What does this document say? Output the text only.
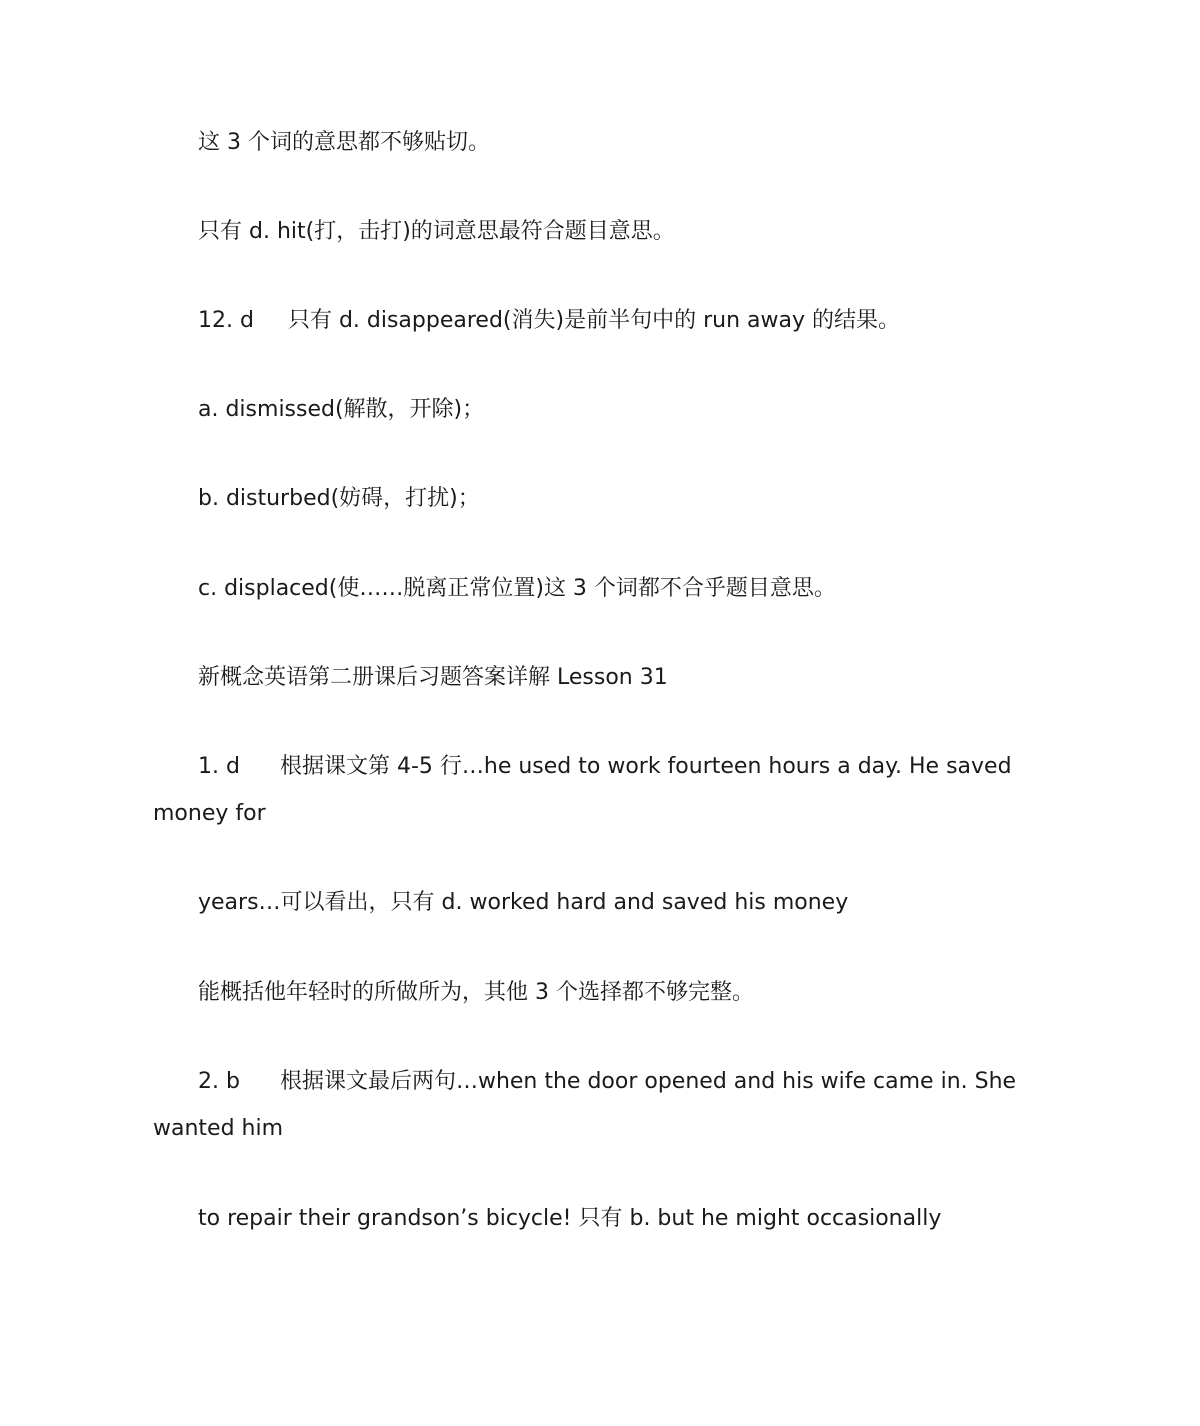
这 3 个词的意思都不够贴切。
只有 d. hit(打，击打)的词意思最符合题目意思。
12. d 只有 d. disappeared(消失)是前半句中的 run away 的结果。
a. dismissed(解散，开除)；
b. disturbed(妨碍，打扰)；
c. displaced(使……脱离正常位置)这 3 个词都不合乎题目意思。
新概念英语第二册课后习题答案详解 Lesson 31
1. d 根据课文第 4-5 行…he used to work fourteen hours a day. He saved
money for
years…可以看出，只有 d. worked hard and saved his money
能概括他年轻时的所做所为，其他 3 个选择都不够完整。
2. b 根据课文最后两句…when the door opened and his wife came in. She
wanted him
to repair their grandson’s bicycle! 只有 b. but he might occasionally
